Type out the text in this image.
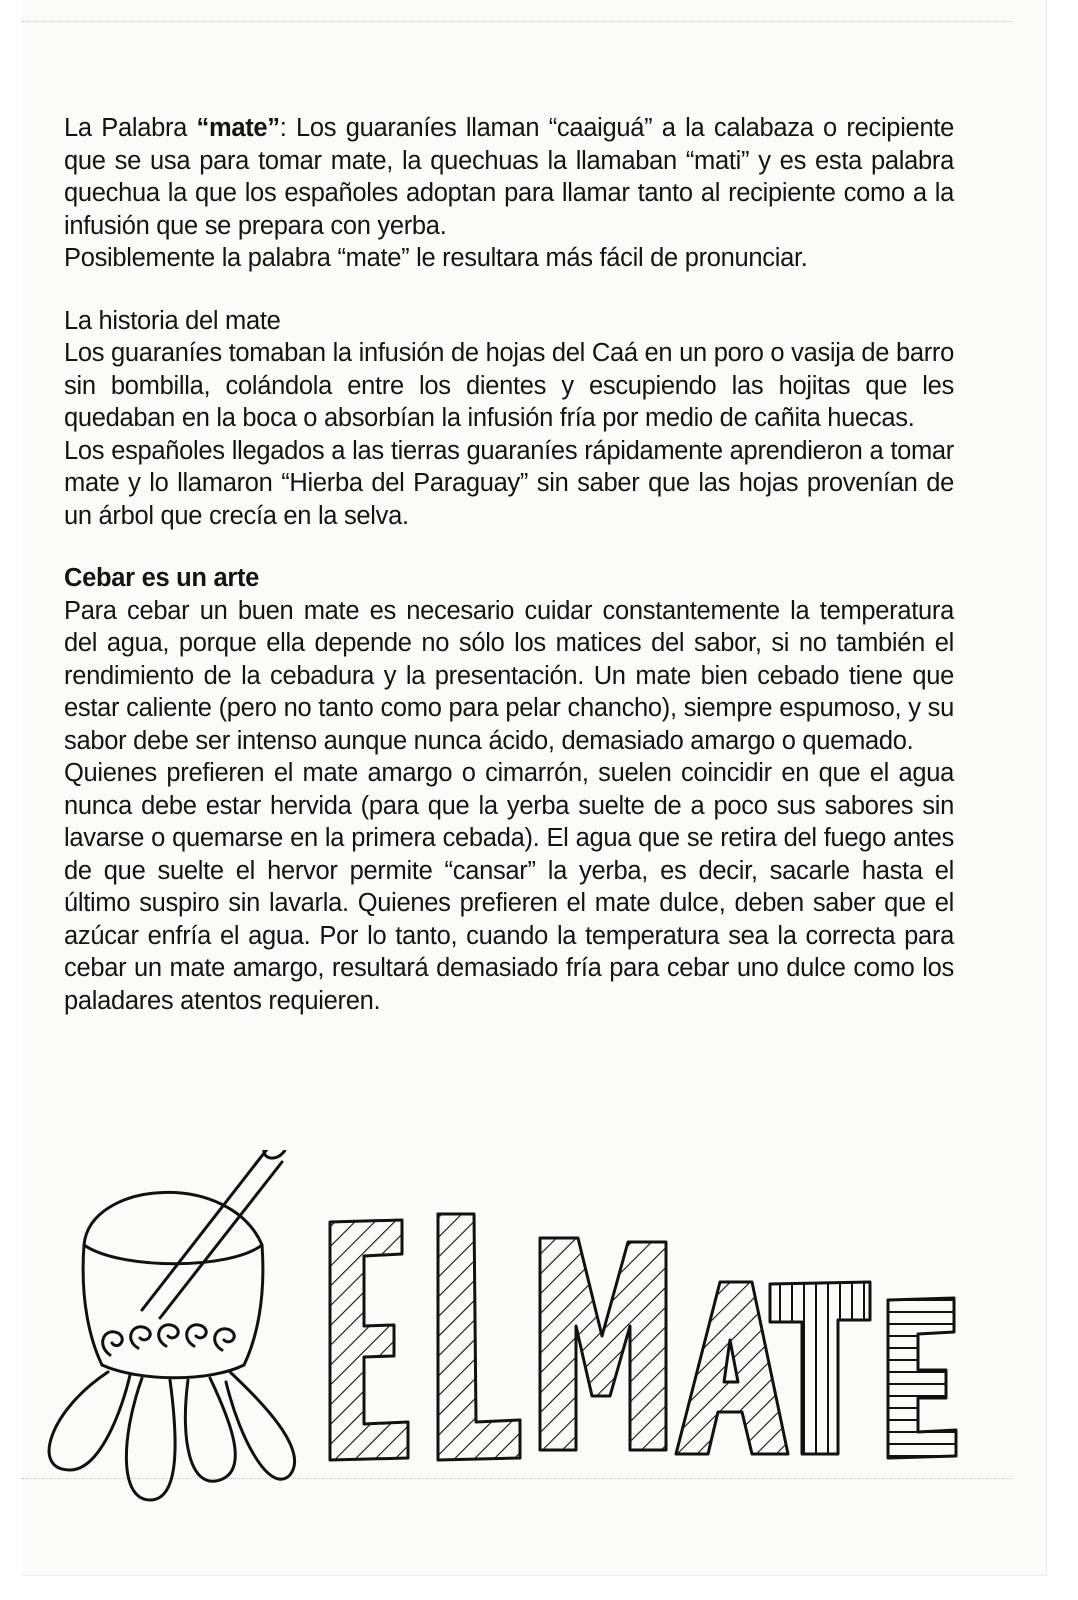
La Palabra “mate”: Los guaraníes llaman “caaiguá” a la calabaza o recipiente que se usa para tomar mate, la quechuas la llamaban “mati” y es esta palabra quechua la que los españoles adoptan para llamar tanto al recipiente como a la infusión que se prepara con yerba.

Posiblemente la palabra “mate” le resultara más fácil de pronunciar.

La historia del mate

Los guaraníes tomaban la infusión de hojas del Caá en un poro o vasija de barro sin bombilla, colándola entre los dientes y escupiendo las hojitas que les quedaban en la boca o absorbían la infusión fría por medio de cañita huecas.

Los españoles llegados a las tierras guaraníes rápidamente aprendieron a tomar mate y lo llamaron “Hierba del Paraguay” sin saber que las hojas provenían de un árbol que crecía en la selva.

Cebar es un arte

Para cebar un buen mate es necesario cuidar constantemente la temperatura del agua, porque ella depende no sólo los matices del sabor, si no también el rendimiento de la cebadura y la presentación. Un mate bien cebado tiene que estar caliente (pero no tanto como para pelar chancho), siempre espumoso, y su sabor debe ser intenso aunque nunca ácido, demasiado amargo o quemado.

Quienes prefieren el mate amargo o cimarrón, suelen coincidir en que el agua nunca debe estar hervida (para que la yerba suelte de a poco sus sabores sin lavarse o quemarse en la primera cebada). El agua que se retira del fuego antes de que suelte el hervor permite “cansar” la yerba, es decir, sacarle hasta el último suspiro sin lavarla. Quienes prefieren el mate dulce, deben saber que el azúcar enfría el agua. Por lo tanto, cuando la temperatura sea la correcta para cebar un mate amargo, resultará demasiado fría para cebar uno dulce como los paladares atentos requieren.
